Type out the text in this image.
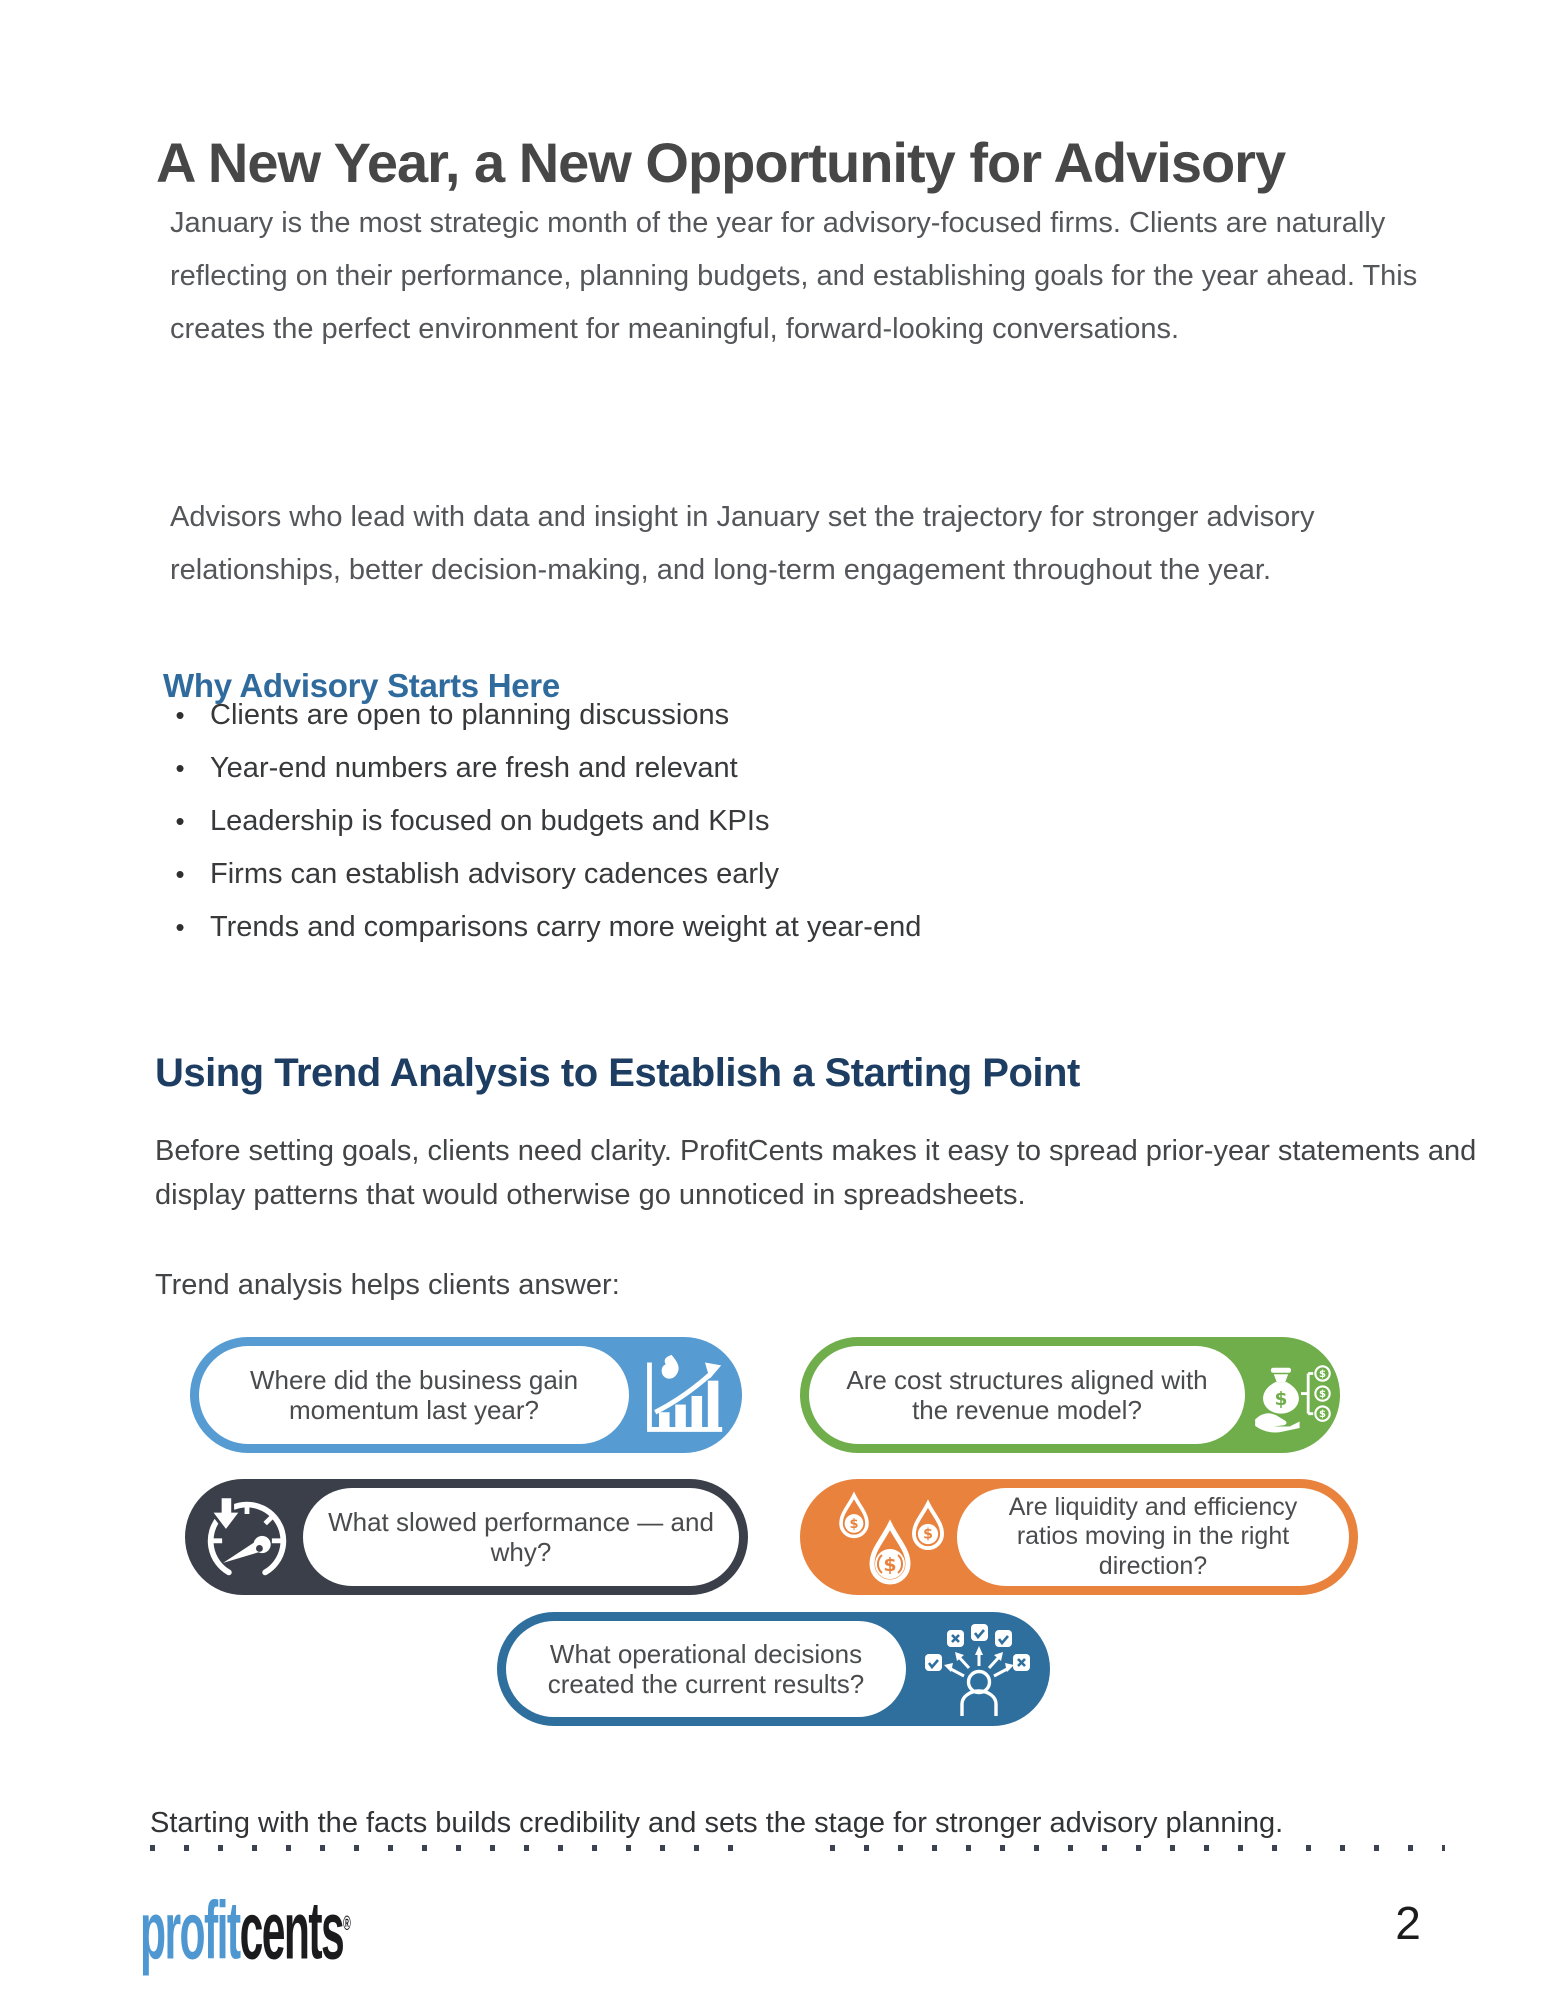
A New Year, a New Opportunity for Advisory

January is the most strategic month of the year for advisory-focused firms. Clients are naturally reflecting on their performance, planning budgets, and establishing goals for the year ahead. This creates the perfect environment for meaningful, forward-looking conversations.

Advisors who lead with data and insight in January set the trajectory for stronger advisory relationships, better decision-making, and long-term engagement throughout the year.

Why Advisory Starts Here
• Clients are open to planning discussions
• Year-end numbers are fresh and relevant
• Leadership is focused on budgets and KPIs
• Firms can establish advisory cadences early
• Trends and comparisons carry more weight at year-end
Using Trend Analysis to Establish a Starting Point

Before setting goals, clients need clarity. ProfitCents makes it easy to spread prior-year statements and display patterns that would otherwise go unnoticed in spreadsheets.

Trend analysis helps clients answer:

Where did the business gain momentum last year?
Are cost structures aligned with the revenue model?	$
$
$
$
What slowed performance — and why?
$
$
$
Are liquidity and efficiency ratios moving in the right direction?
What operational decisions created the current results?

Starting with the facts builds credibility and sets the stage for stronger advisory planning.

profitcents®	2
